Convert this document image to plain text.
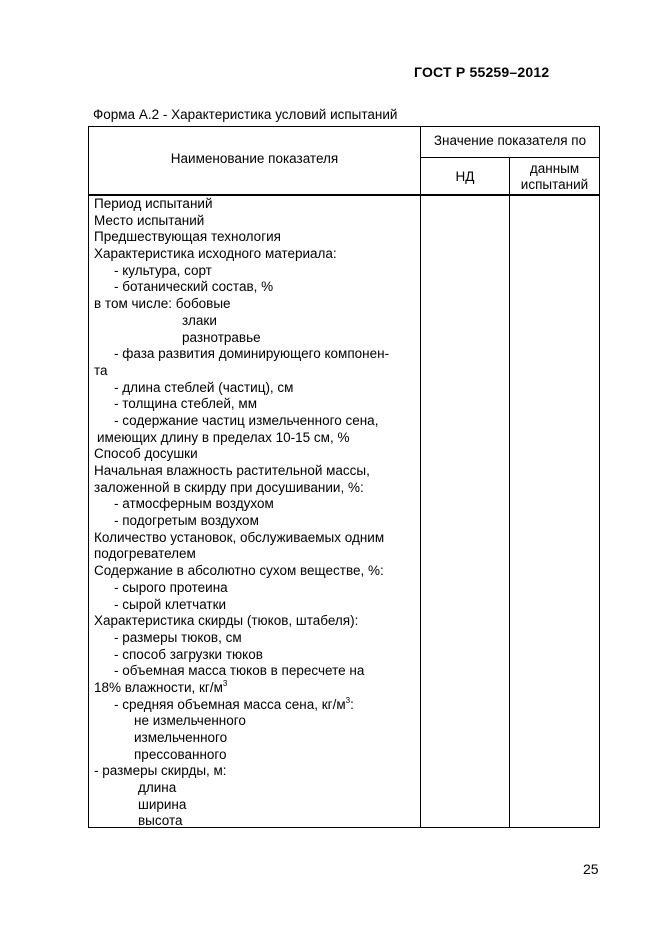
ГОСТ Р 55259–2012
Форма А.2 - Характеристика условий испытаний
Наименование показателя
Значение показателя по
НД
данным
испытаний
Период испытаний
Место испытаний
Предшествующая технология
Характеристика исходного материала:
- культура, сорт
- ботанический состав, %
в том числе: бобовые
злаки
разнотравье
- фаза развития доминирующего компонен-
та
- длина стеблей (частиц), см
- толщина стеблей, мм
- содержание частиц измельченного сена,
имеющих длину в пределах 10-15 см, %
Способ досушки
Начальная влажность растительной массы,
заложенной в скирду при досушивании, %:
- атмосферным воздухом
- подогретым воздухом
Количество установок, обслуживаемых одним
подогревателем
Содержание в абсолютно сухом веществе, %:
- сырого протеина
- сырой клетчатки
Характеристика скирды (тюков, штабеля):
- размеры тюков, см
- способ загрузки тюков
- объемная масса тюков в пересчете на
18% влажности, $кг/м^3$
- средняя объемная масса сена, $кг/м^3$:
не измельченного
измельченного
прессованного
- размеры скирды, м:
длина
ширина
высота
25
